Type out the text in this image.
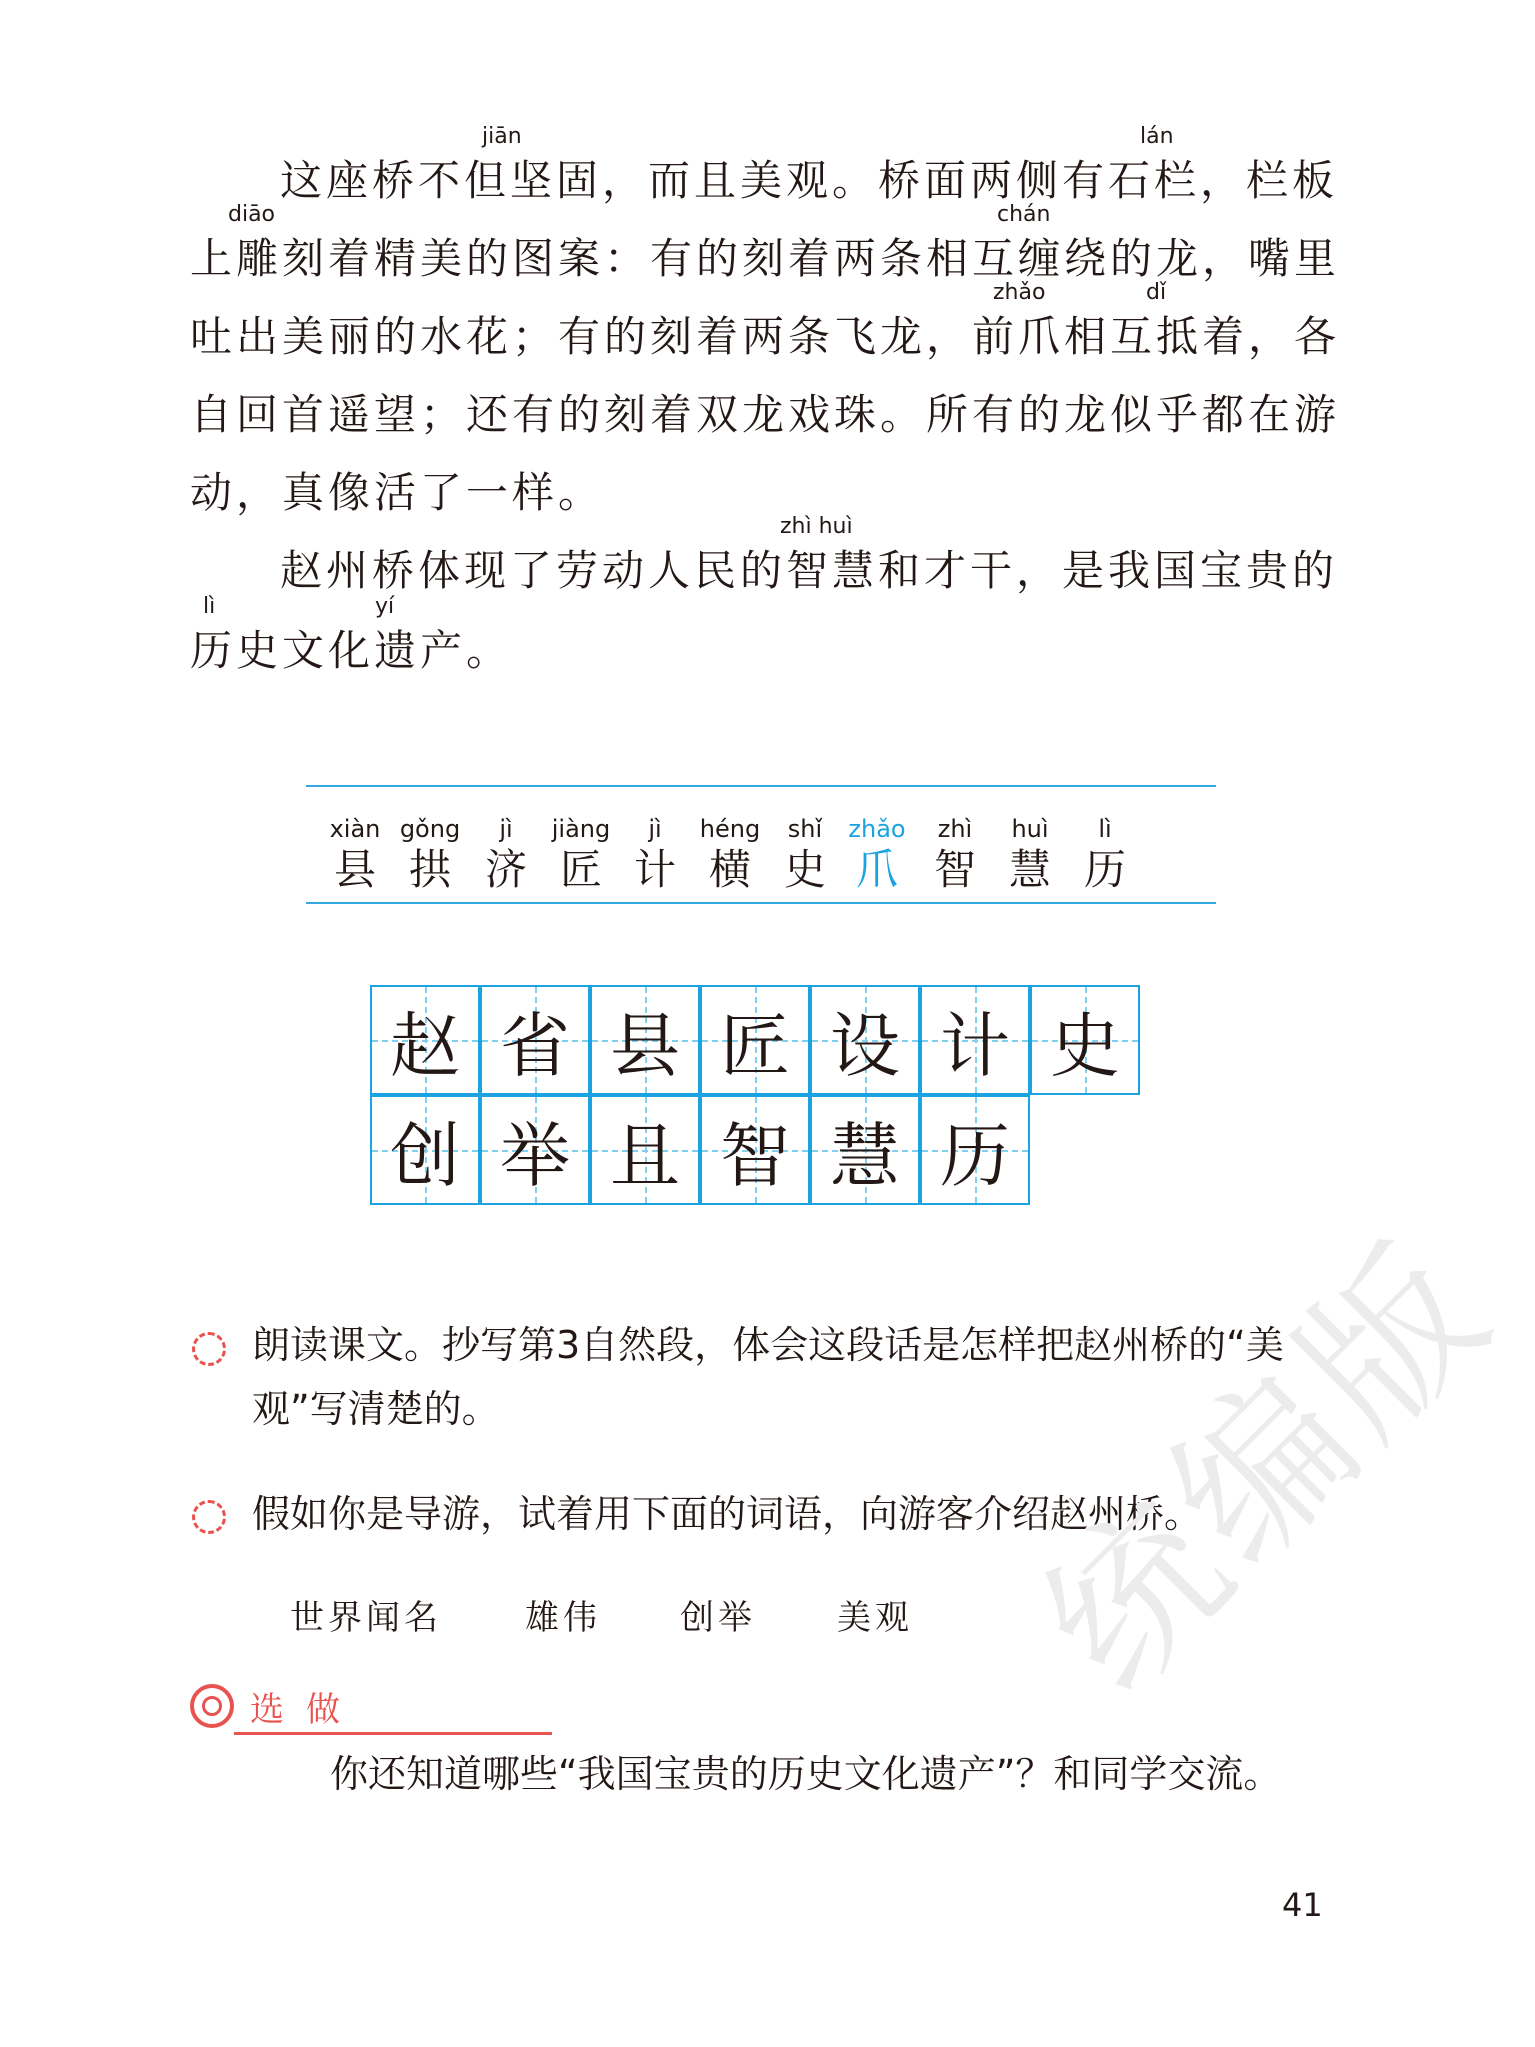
jiān	lán
这座桥不但坚固，而且美观。桥面两侧有石栏，栏板
diāo	chán
上雕刻着精美的图案：有的刻着两条相互缠绕的龙，嘴里
zhǎo	dǐ
吐出美丽的水花；有的刻着两条飞龙，前爪相互抵着，各
自回首遥望；还有的刻着双龙戏珠。所有的龙似乎都在游
动，真像活了一样。
zhì huì
赵州桥体现了劳动人民的智慧和才干，是我国宝贵的
lì	yí
历史文化遗产。
xiàn
县
gǒng
拱
jì
济
jiàng
匠
jì
计
héng
横
shǐ
史
zhǎo
爪
zhì
智
huì
慧
lì
历
赵 省 县 匠 设 计 史
创 举 且 智 慧 历
朗读课文。抄写第3自然段，体会这段话是怎样把赵州桥的“美
观”写清楚的。
假如你是导游，试着用下面的词语，向游客介绍赵州桥。
世界闻名 雄伟 创举 美观
选做
你还知道哪些“我国宝贵的历史文化遗产”？和同学交流。
统编版
41
